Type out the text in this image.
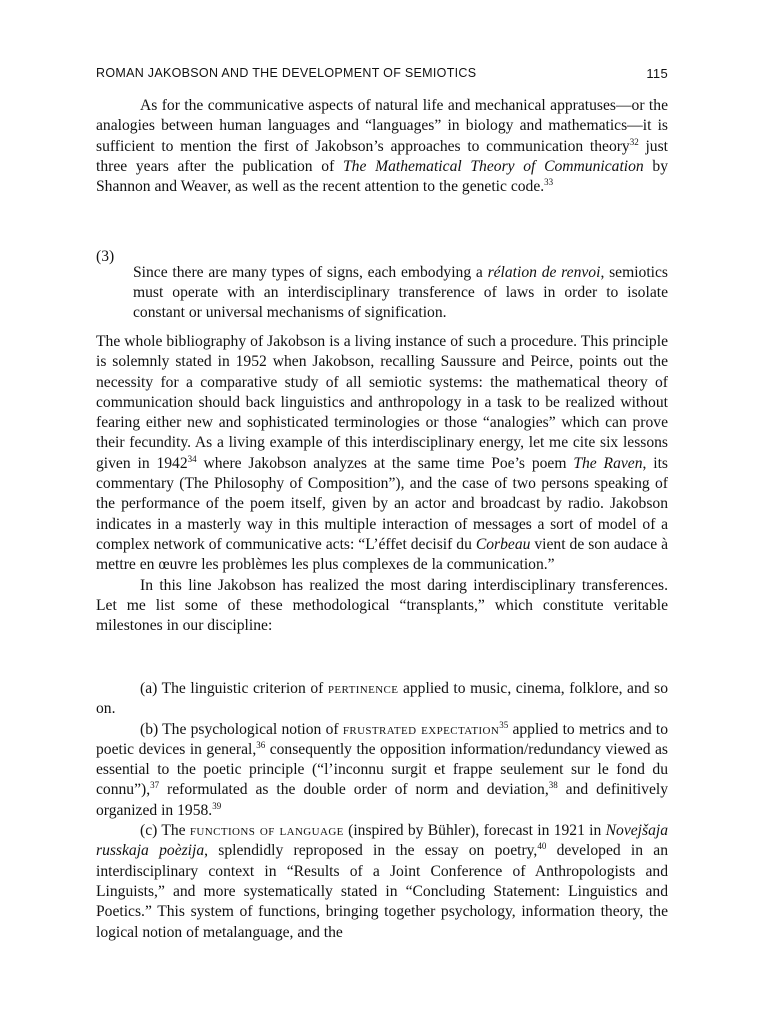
ROMAN JAKOBSON AND THE DEVELOPMENT OF SEMIOTICS	115

As for the communicative aspects of natural life and mechanical appratuses—or the analogies between human languages and “languages” in biology and mathematics—it is sufficient to mention the first of Jakobson’s approaches to communication theory$^{32}$ just three years after the publication of The Mathematical Theory of Communication by Shannon and Weaver, as well as the recent attention to the genetic code.$^{33}$

(3)

Since there are many types of signs, each embodying a rélation de renvoi, semiotics must operate with an interdisciplinary transference of laws in order to isolate constant or universal mechanisms of signification.

The whole bibliography of Jakobson is a living instance of such a procedure. This principle is solemnly stated in 1952 when Jakobson, recalling Saussure and Peirce, points out the necessity for a comparative study of all semiotic systems: the mathematical theory of communication should back linguistics and anthropology in a task to be realized without fearing either new and sophisticated terminologies or those “analogies” which can prove their fecundity. As a living example of this interdisciplinary energy, let me cite six lessons given in 1942$^{34}$ where Jakobson analyzes at the same time Poe’s poem The Raven, its commentary (The Philosophy of Composition”), and the case of two persons speaking of the performance of the poem itself, given by an actor and broadcast by radio. Jakobson indicates in a masterly way in this multiple interaction of messages a sort of model of a complex network of communicative acts: “L’éffet decisif du Corbeau vient de son audace à mettre en œuvre les problèmes les plus complexes de la communication.”

In this line Jakobson has realized the most daring interdisciplinary transferences. Let me list some of these methodological “transplants,” which constitute veritable milestones in our discipline:

(a) The linguistic criterion of pertinence applied to music, cinema, folklore, and so on.

(b) The psychological notion of frustrated expectation$^{35}$ applied to metrics and to poetic devices in general,$^{36}$ consequently the opposition information/redundancy viewed as essential to the poetic principle (“l’inconnu surgit et frappe seulement sur le fond du connu”),$^{37}$ reformulated as the double order of norm and deviation,$^{38}$ and definitively organized in 1958.39

(c) The functions of language (inspired by Bühler), forecast in 1921 in Novejšaja russkaja poèzija, splendidly reproposed in the essay on poetry,$^{40}$ developed in an interdisciplinary context in “Results of a Joint Conference of Anthropologists and Linguists,” and more systematically stated in “Concluding Statement: Linguistics and Poetics.” This system of functions, bringing together psychology, information theory, the logical notion of metalanguage, and the
